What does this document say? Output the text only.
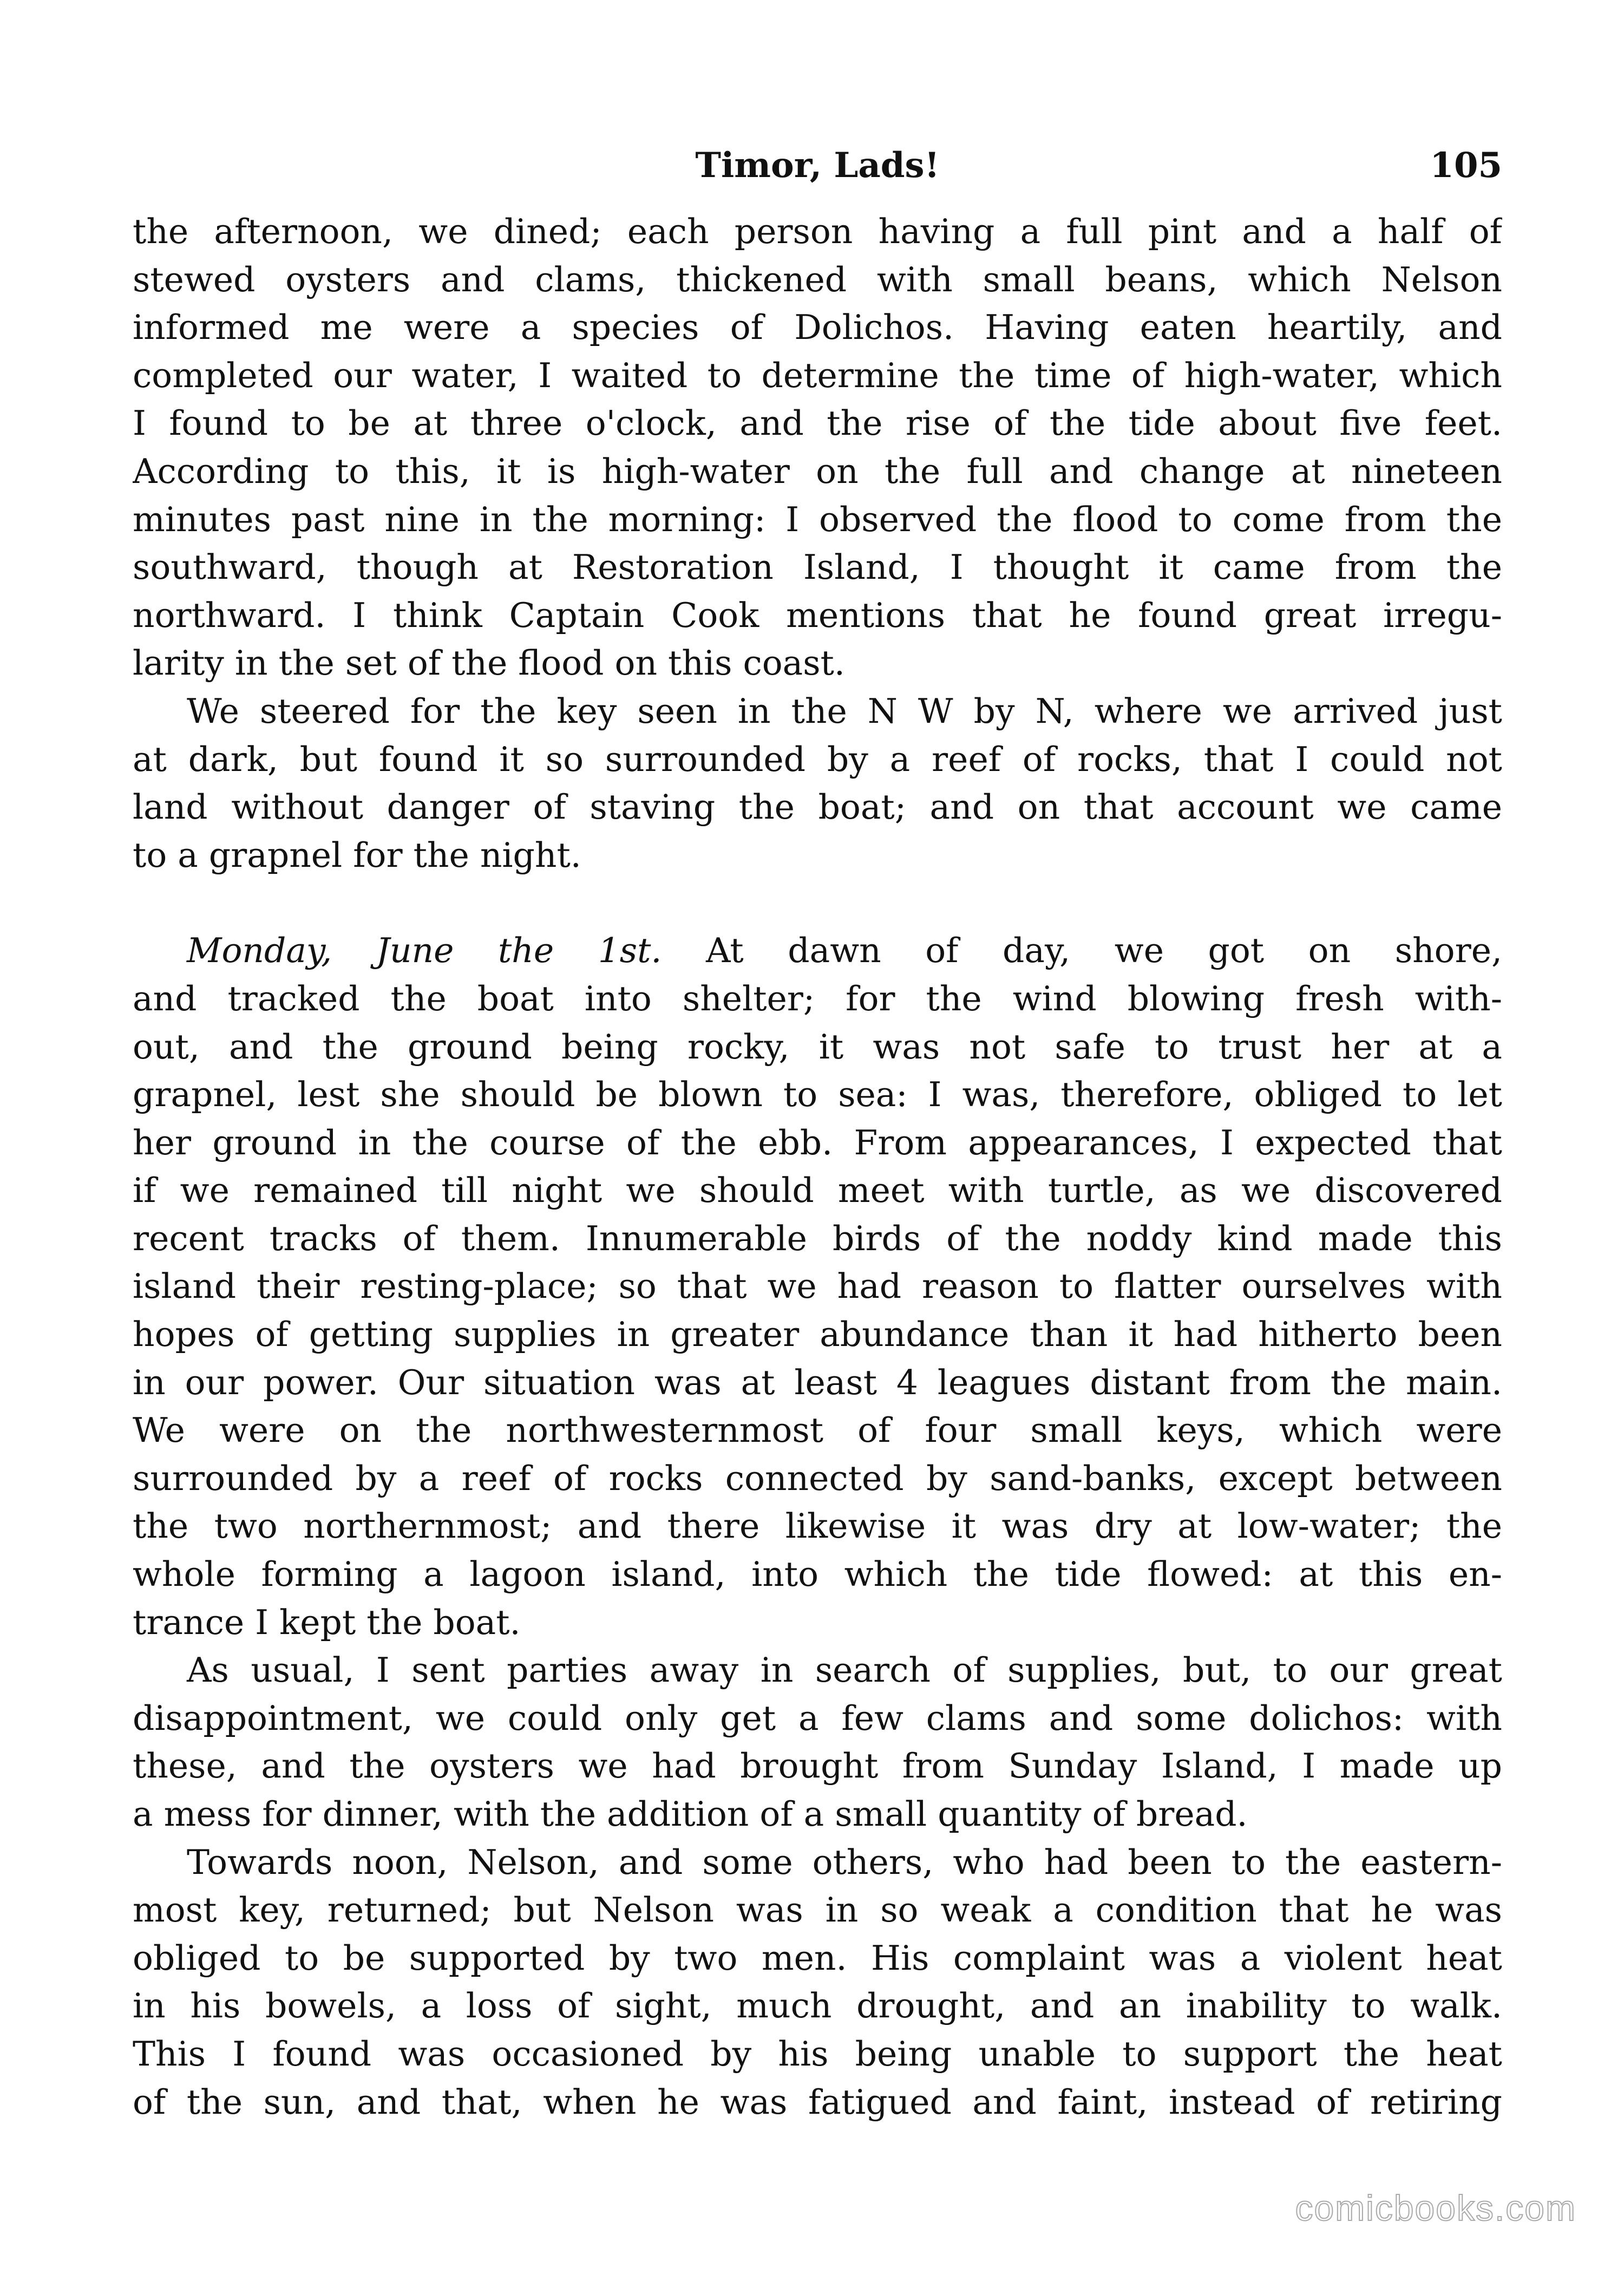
Timor, Lads!	105
the afternoon, we dined; each person having a full pint and a half of
stewed oysters and clams, thickened with small beans, which Nelson
informed me were a species of Dolichos. Having eaten heartily, and
completed our water, I waited to determine the time of high-water, which
I found to be at three o'clock, and the rise of the tide about five feet.
According to this, it is high-water on the full and change at nineteen
minutes past nine in the morning: I observed the flood to come from the
southward, though at Restoration Island, I thought it came from the
northward. I think Captain Cook mentions that he found great irregu-
larity in the set of the flood on this coast.
We steered for the key seen in the N W by N, where we arrived just
at dark, but found it so surrounded by a reef of rocks, that I could not
land without danger of staving the boat; and on that account we came
to a grapnel for the night.
Monday, June the 1st. At dawn of day, we got on shore,
and tracked the boat into shelter; for the wind blowing fresh with-
out, and the ground being rocky, it was not safe to trust her at a
grapnel, lest she should be blown to sea: I was, therefore, obliged to let
her ground in the course of the ebb. From appearances, I expected that
if we remained till night we should meet with turtle, as we discovered
recent tracks of them. Innumerable birds of the noddy kind made this
island their resting-place; so that we had reason to flatter ourselves with
hopes of getting supplies in greater abundance than it had hitherto been
in our power. Our situation was at least 4 leagues distant from the main.
We were on the northwesternmost of four small keys, which were
surrounded by a reef of rocks connected by sand-banks, except between
the two northernmost; and there likewise it was dry at low-water; the
whole forming a lagoon island, into which the tide flowed: at this en-
trance I kept the boat.
As usual, I sent parties away in search of supplies, but, to our great
disappointment, we could only get a few clams and some dolichos: with
these, and the oysters we had brought from Sunday Island, I made up
a mess for dinner, with the addition of a small quantity of bread.
Towards noon, Nelson, and some others, who had been to the eastern-
most key, returned; but Nelson was in so weak a condition that he was
obliged to be supported by two men. His complaint was a violent heat
in his bowels, a loss of sight, much drought, and an inability to walk.
This I found was occasioned by his being unable to support the heat
of the sun, and that, when he was fatigued and faint, instead of retiring
comicbooks.com
